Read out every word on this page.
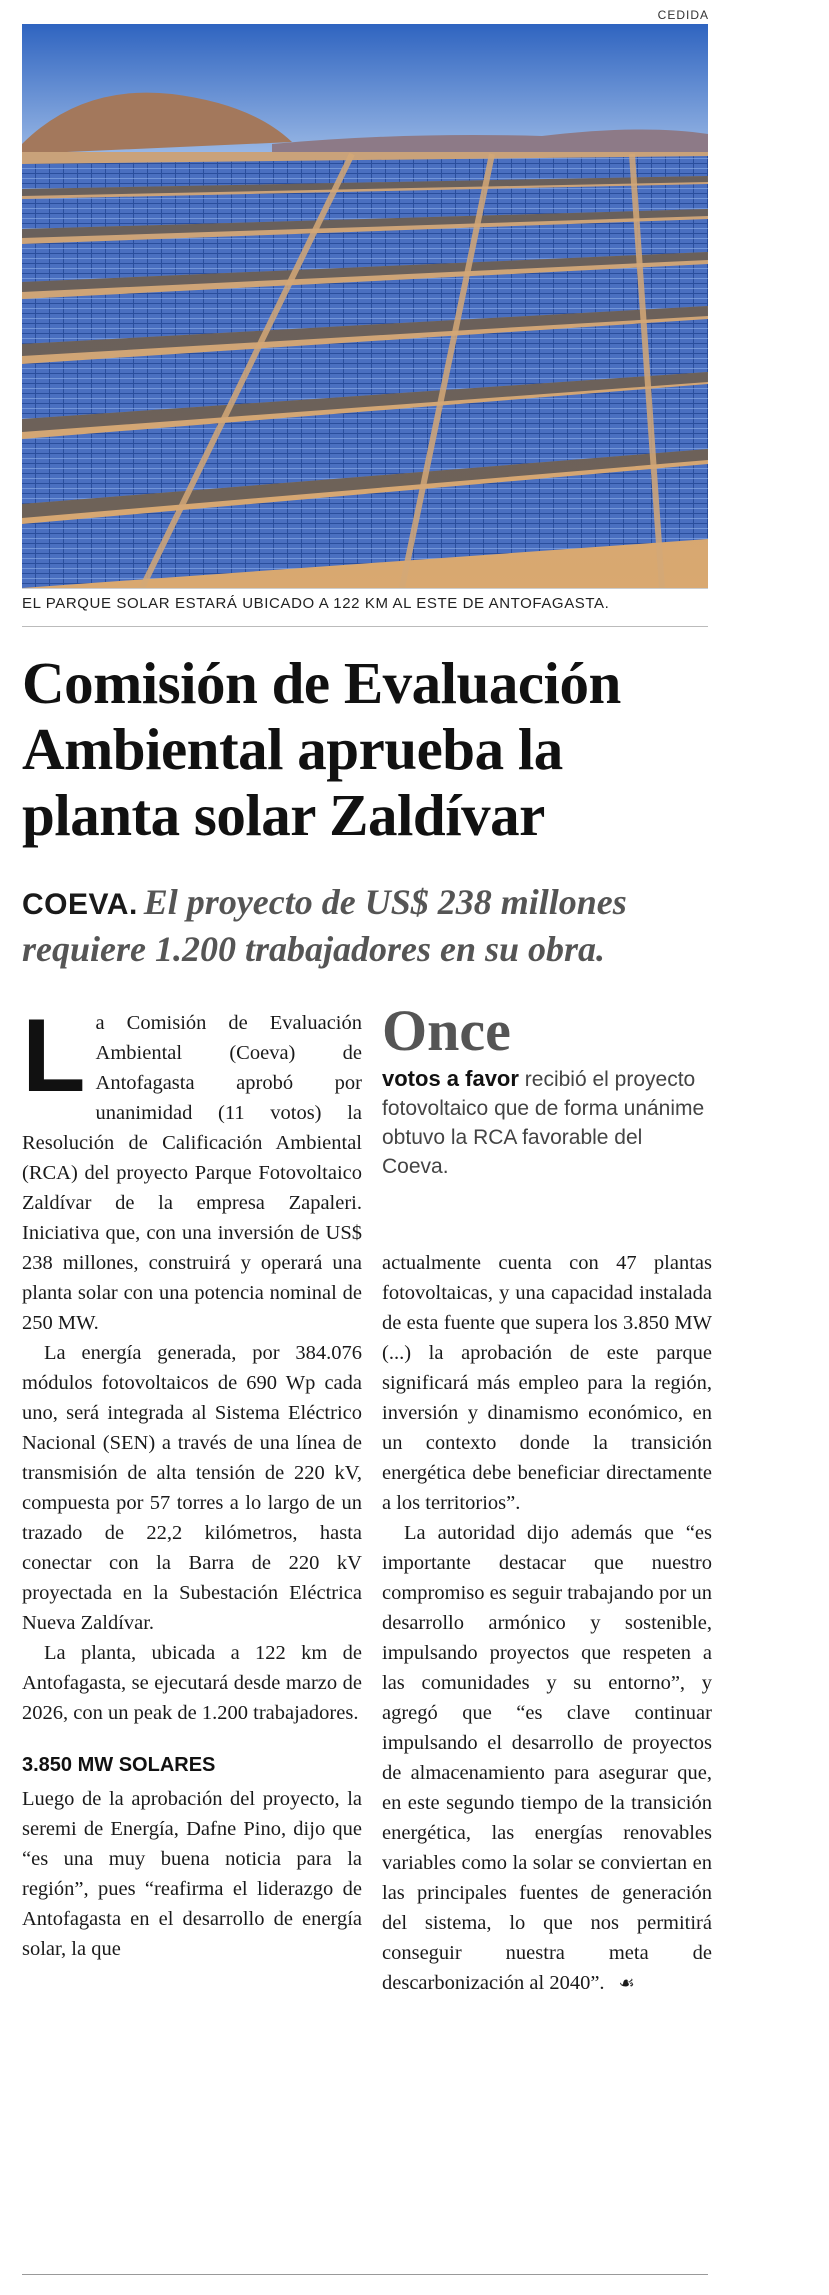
CEDIDA
EL PARQUE SOLAR ESTARÁ UBICADO A 122 KM AL ESTE DE ANTOFAGASTA.
Comisión de Evaluación Ambiental aprueba la planta solar Zaldívar
COEVA. El proyecto de US$ 238 millones requiere 1.200 trabajadores en su obra.

La Comisión de Evaluación Ambiental (Coeva) de Antofagasta aprobó por unanimidad (11 votos) la Resolución de Calificación Ambiental (RCA) del proyecto Parque Fotovoltaico Zaldívar de la empresa Zapaleri. Iniciativa que, con una inversión de US$ 238 millones, construirá y operará una planta solar con una potencia nominal de 250 MW.

La energía generada, por 384.076 módulos fotovoltaicos de 690 Wp cada uno, será integrada al Sistema Eléctrico Nacional (SEN) a través de una línea de transmisión de alta tensión de 220 kV, compuesta por 57 torres a lo largo de un trazado de 22,2 kilómetros, hasta conectar con la Barra de 220 kV proyectada en la Subestación Eléctrica Nueva Zaldívar.

La planta, ubicada a 122 km de Antofagasta, se ejecutará desde marzo de 2026, con un peak de 1.200 trabajadores.

3.850 MW SOLARES

Luego de la aprobación del proyecto, la seremi de Energía, Dafne Pino, dijo que “es una muy buena noticia para la región”, pues “reafirma el liderazgo de Antofagasta en el desarrollo de energía solar, la que

Once
votos a favor recibió el proyecto fotovoltaico que de forma unánime obtuvo la RCA favorable del Coeva.

actualmente cuenta con 47 plantas fotovoltaicas, y una capacidad instalada de esta fuente que supera los 3.850 MW (...) la aprobación de este parque significará más empleo para la región, inversión y dinamismo económico, en un contexto donde la transición energética debe beneficiar directamente a los territorios”.

La autoridad dijo además que “es importante destacar que nuestro compromiso es seguir trabajando por un desarrollo armónico y sostenible, impulsando proyectos que respeten a las comunidades y su entorno”, y agregó que “es clave continuar impulsando el desarrollo de proyectos de almacenamiento para asegurar que, en este segundo tiempo de la transición energética, las energías renovables variables como la solar se conviertan en las principales fuentes de generación del sistema, lo que nos permitirá conseguir nuestra meta de descarbonización al 2040”. ☙
